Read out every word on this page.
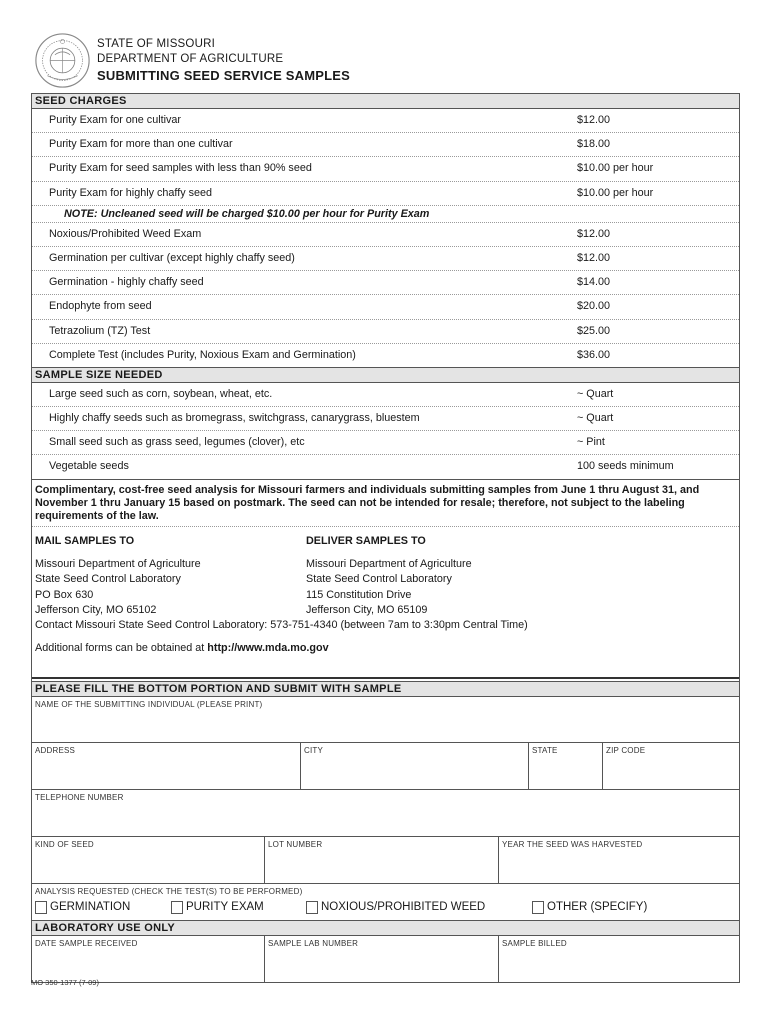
STATE OF MISSOURI
DEPARTMENT OF AGRICULTURE
SUBMITTING SEED SERVICE SAMPLES
SEED CHARGES
Purity Exam for one cultivar	$12.00
Purity Exam for more than one cultivar	$18.00
Purity Exam for seed samples with less than 90% seed	$10.00 per hour
Purity Exam for highly chaffy seed	$10.00 per hour
NOTE: Uncleaned seed will be charged $10.00 per hour for Purity Exam
Noxious/Prohibited Weed Exam	$12.00
Germination per cultivar (except highly chaffy seed)	$12.00
Germination - highly chaffy seed	$14.00
Endophyte from seed	$20.00
Tetrazolium (TZ) Test	$25.00
Complete Test (includes Purity, Noxious Exam and Germination)	$36.00
SAMPLE SIZE NEEDED
Large seed such as corn, soybean, wheat, etc.	~ Quart
Highly chaffy seeds such as bromegrass, switchgrass, canarygrass, bluestem	~ Quart
Small seed such as grass seed, legumes (clover), etc	~ Pint
Vegetable seeds	100 seeds minimum
Complimentary, cost-free seed analysis for Missouri farmers and individuals submitting samples from June 1 thru August 31, and November 1 thru January 15 based on postmark. The seed can not be intended for resale; therefore, not subject to the labeling requirements of the law.
MAIL SAMPLES TO
Missouri Department of Agriculture
State Seed Control Laboratory
PO Box 630
Jefferson City, MO 65102
DELIVER SAMPLES TO
Missouri Department of Agriculture
State Seed Control Laboratory
115 Constitution Drive
Jefferson City, MO 65109
Contact Missouri State Seed Control Laboratory: 573-751-4340 (between 7am to 3:30pm Central Time)
Additional forms can be obtained at http://www.mda.mo.gov
PLEASE FILL THE BOTTOM PORTION AND SUBMIT WITH SAMPLE
NAME OF THE SUBMITTING INDIVIDUAL (PLEASE PRINT)
ADDRESS	CITY	STATE	ZIP CODE
TELEPHONE NUMBER
KIND OF SEED	LOT NUMBER	YEAR THE SEED WAS HARVESTED
ANALYSIS REQUESTED (CHECK THE TEST(S) TO BE PERFORMED)
GERMINATION	PURITY EXAM	NOXIOUS/PROHIBITED WEED	OTHER (SPECIFY)
LABORATORY USE ONLY
DATE SAMPLE RECEIVED	SAMPLE LAB NUMBER	SAMPLE BILLED
MO 350-1377 (7-09)
